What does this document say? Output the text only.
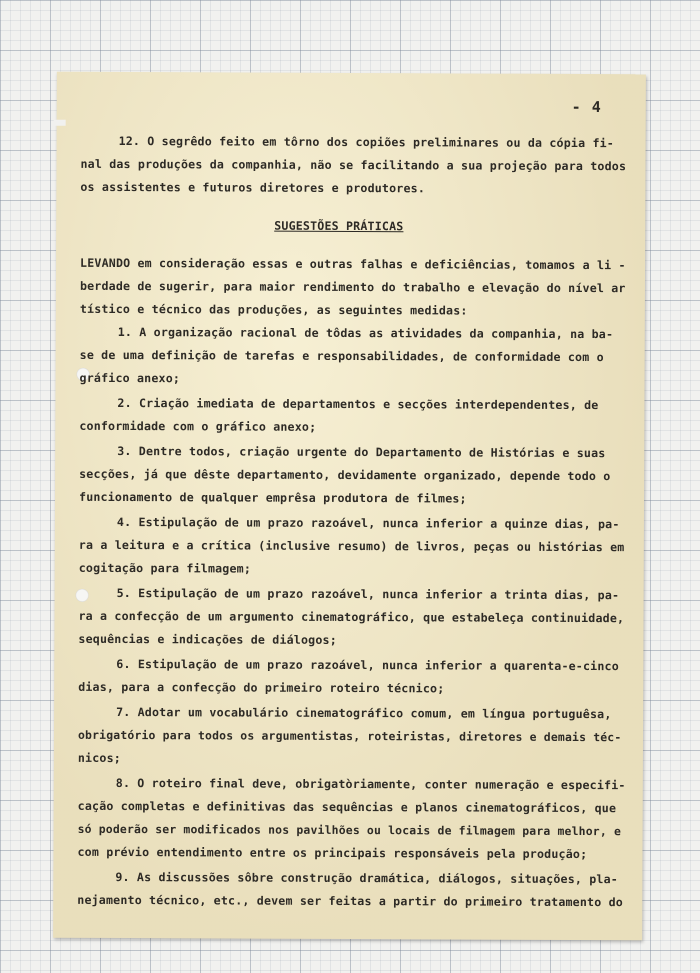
- 4
12. O segrêdo feito em tôrno dos copiões preliminares ou da cópia fi-
nal das produções da companhia, não se facilitando a sua projeção para todos
os assistentes e futuros diretores e produtores.
SUGESTÕES PRÁTICAS
LEVANDO em consideração essas e outras falhas e deficiências, tomamos a li -
berdade de sugerir, para maior rendimento do trabalho e elevação do nível ar
tístico e técnico das produções, as seguintes medidas:
1. A organização racional de tôdas as atividades da companhia, na ba-
se de uma definição de tarefas e responsabilidades, de conformidade com o
gráfico anexo;
2. Criação imediata de departamentos e secções interdependentes, de
conformidade com o gráfico anexo;
3. Dentre todos, criação urgente do Departamento de Histórias e suas
secções, já que dêste departamento, devidamente organizado, depende todo o
funcionamento de qualquer emprêsa produtora de filmes;
4. Estipulação de um prazo razoável, nunca inferior a quinze dias, pa-
ra a leitura e a crítica (inclusive resumo) de livros, peças ou histórias em
cogitação para filmagem;
5. Estipulação de um prazo razoável, nunca inferior a trinta dias, pa-
ra a confecção de um argumento cinematográfico, que estabeleça continuidade,
sequências e indicações de diálogos;
6. Estipulação de um prazo razoável, nunca inferior a quarenta-e-cinco
dias, para a confecção do primeiro roteiro técnico;
7. Adotar um vocabulário cinematográfico comum, em língua portuguêsa,
obrigatório para todos os argumentistas, roteiristas, diretores e demais téc-
nicos;
8. O roteiro final deve, obrigatòriamente, conter numeração e especifi-
cação completas e definitivas das sequências e planos cinematográficos, que
só poderão ser modificados nos pavilhões ou locais de filmagem para melhor, e
com prévio entendimento entre os principais responsáveis pela produção;
9. As discussões sôbre construção dramática, diálogos, situações, pla-
nejamento técnico, etc., devem ser feitas a partir do primeiro tratamento do
